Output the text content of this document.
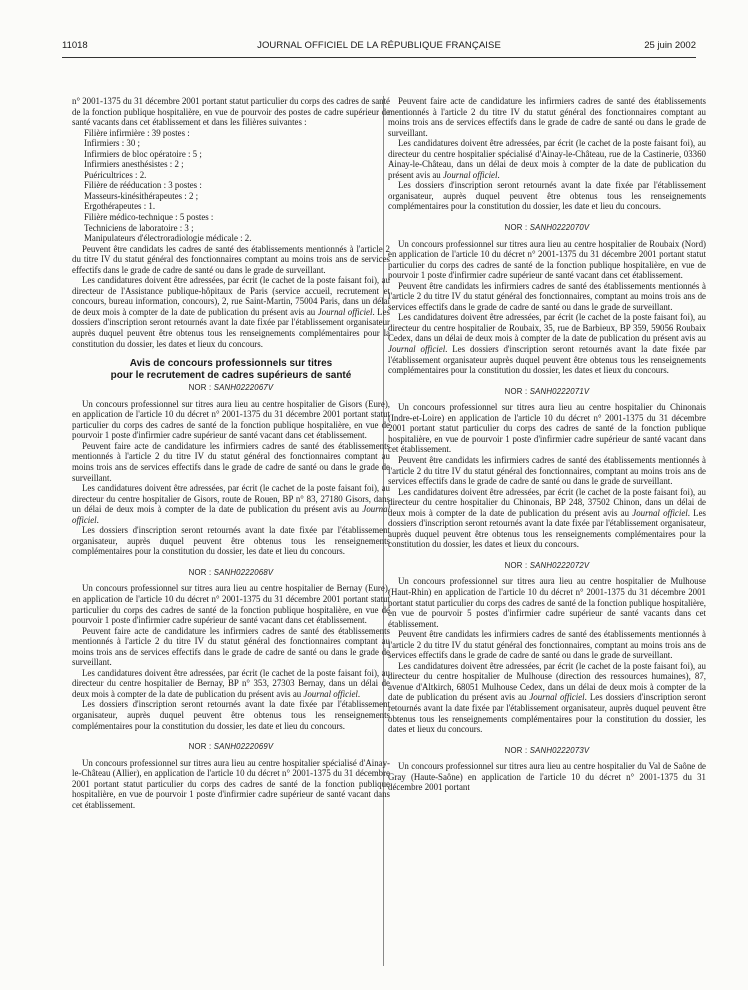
11018	JOURNAL OFFICIEL DE LA RÉPUBLIQUE FRANÇAISE	25 juin 2002

n° 2001-1375 du 31 décembre 2001 portant statut particulier du corps des cadres de santé de la fonction publique hospitalière, en vue de pourvoir des postes de cadre supérieur de santé vacants dans cet établissement et dans les filières suivantes :

Filière infirmière : 39 postes :

Infirmiers : 30 ;

Infirmiers de bloc opératoire : 5 ;

Infirmiers anesthésistes : 2 ;

Puéricultrices : 2.

Filière de rééducation : 3 postes :

Masseurs-kinésithérapeutes : 2 ;

Ergothérapeutes : 1.

Filière médico-technique : 5 postes :

Techniciens de laboratoire : 3 ;

Manipulateurs d'électroradiologie médicale : 2.

Peuvent être candidats les cadres de santé des établissements mentionnés à l'article 2 du titre IV du statut général des fonctionnaires comptant au moins trois ans de services effectifs dans le grade de cadre de santé ou dans le grade de surveillant.

Les candidatures doivent être adressées, par écrit (le cachet de la poste faisant foi), au directeur de l'Assistance publique-hôpitaux de Paris (service accueil, recrutement et concours, bureau information, concours), 2, rue Saint-Martin, 75004 Paris, dans un délai de deux mois à compter de la date de publication du présent avis au Journal officiel. Les dossiers d'inscription seront retournés avant la date fixée par l'établissement organisateur auprès duquel peuvent être obtenus tous les renseignements complémentaires pour la constitution du dossier, les dates et lieux du concours.

Avis de concours professionnels sur titres
pour le recrutement de cadres supérieurs de santé
NOR : SANH0222067V

Un concours professionnel sur titres aura lieu au centre hospitalier de Gisors (Eure), en application de l'article 10 du décret n° 2001-1375 du 31 décembre 2001 portant statut particulier du corps des cadres de santé de la fonction publique hospitalière, en vue de pourvoir 1 poste d'infirmier cadre supérieur de santé vacant dans cet établissement.

Peuvent faire acte de candidature les infirmiers cadres de santé des établissements mentionnés à l'article 2 du titre IV du statut général des fonctionnaires comptant au moins trois ans de services effectifs dans le grade de cadre de santé ou dans le grade de surveillant.

Les candidatures doivent être adressées, par écrit (le cachet de la poste faisant foi), au directeur du centre hospitalier de Gisors, route de Rouen, BP n° 83, 27180 Gisors, dans un délai de deux mois à compter de la date de publication du présent avis au Journal officiel.

Les dossiers d'inscription seront retournés avant la date fixée par l'établissement organisateur, auprès duquel peuvent être obtenus tous les renseignements complémentaires pour la constitution du dossier, les date et lieu du concours.

NOR : SANH0222068V

Un concours professionnel sur titres aura lieu au centre hospitalier de Bernay (Eure), en application de l'article 10 du décret n° 2001-1375 du 31 décembre 2001 portant statut particulier du corps des cadres de santé de la fonction publique hospitalière, en vue de pourvoir 1 poste d'infirmier cadre supérieur de santé vacant dans cet établissement.

Peuvent faire acte de candidature les infirmiers cadres de santé des établissements mentionnés à l'article 2 du titre IV du statut général des fonctionnaires comptant au moins trois ans de services effectifs dans le grade de cadre de santé ou dans le grade de surveillant.

Les candidatures doivent être adressées, par écrit (le cachet de la poste faisant foi), au directeur du centre hospitalier de Bernay, BP n° 353, 27303 Bernay, dans un délai de deux mois à compter de la date de publication du présent avis au Journal officiel.

Les dossiers d'inscription seront retournés avant la date fixée par l'établissement organisateur, auprès duquel peuvent être obtenus tous les renseignements complémentaires pour la constitution du dossier, les date et lieu du concours.

NOR : SANH0222069V

Un concours professionnel sur titres aura lieu au centre hospitalier spécialisé d'Ainay-le-Château (Allier), en application de l'article 10 du décret n° 2001-1375 du 31 décembre 2001 portant statut particulier du corps des cadres de santé de la fonction publique hospitalière, en vue de pourvoir 1 poste d'infirmier cadre supérieur de santé vacant dans cet établissement.

Peuvent faire acte de candidature les infirmiers cadres de santé des établissements mentionnés à l'article 2 du titre IV du statut général des fonctionnaires comptant au moins trois ans de services effectifs dans le grade de cadre de santé ou dans le grade de surveillant.

Les candidatures doivent être adressées, par écrit (le cachet de la poste faisant foi), au directeur du centre hospitalier spécialisé d'Ainay-le-Château, rue de la Castinerie, 03360 Ainay-le-Château, dans un délai de deux mois à compter de la date de publication du présent avis au Journal officiel.

Les dossiers d'inscription seront retournés avant la date fixée par l'établissement organisateur, auprès duquel peuvent être obtenus tous les renseignements complémentaires pour la constitution du dossier, les date et lieu du concours.

NOR : SANH0222070V

Un concours professionnel sur titres aura lieu au centre hospitalier de Roubaix (Nord) en application de l'article 10 du décret n° 2001-1375 du 31 décembre 2001 portant statut particulier du corps des cadres de santé de la fonction publique hospitalière, en vue de pourvoir 1 poste d'infirmier cadre supérieur de santé vacant dans cet établissement.

Peuvent être candidats les infirmiers cadres de santé des établissements mentionnés à l'article 2 du titre IV du statut général des fonctionnaires, comptant au moins trois ans de services effectifs dans le grade de cadre de santé ou dans le grade de surveillant.

Les candidatures doivent être adressées, par écrit (le cachet de la poste faisant foi), au directeur du centre hospitalier de Roubaix, 35, rue de Barbieux, BP 359, 59056 Roubaix Cedex, dans un délai de deux mois à compter de la date de publication du présent avis au Journal officiel. Les dossiers d'inscription seront retournés avant la date fixée par l'établissement organisateur auprès duquel peuvent être obtenus tous les renseignements complémentaires pour la constitution du dossier, les dates et lieux du concours.

NOR : SANH0222071V

Un concours professionnel sur titres aura lieu au centre hospitalier du Chinonais (Indre-et-Loire) en application de l'article 10 du décret n° 2001-1375 du 31 décembre 2001 portant statut particulier du corps des cadres de santé de la fonction publique hospitalière, en vue de pourvoir 1 poste d'infirmier cadre supérieur de santé vacant dans cet établissement.

Peuvent être candidats les infirmiers cadres de santé des établissements mentionnés à l'article 2 du titre IV du statut général des fonctionnaires, comptant au moins trois ans de services effectifs dans le grade de cadre de santé ou dans le grade de surveillant.

Les candidatures doivent être adressées, par écrit (le cachet de la poste faisant foi), au directeur du centre hospitalier du Chinonais, BP 248, 37502 Chinon, dans un délai de deux mois à compter de la date de publication du présent avis au Journal officiel. Les dossiers d'inscription seront retournés avant la date fixée par l'établissement organisateur, auprès duquel peuvent être obtenus tous les renseignements complémentaires pour la constitution du dossier, les dates et lieux du concours.

NOR : SANH0222072V

Un concours professionnel sur titres aura lieu au centre hospitalier de Mulhouse (Haut-Rhin) en application de l'article 10 du décret n° 2001-1375 du 31 décembre 2001 portant statut particulier du corps des cadres de santé de la fonction publique hospitalière, en vue de pourvoir 5 postes d'infirmier cadre supérieur de santé vacants dans cet établissement.

Peuvent être candidats les infirmiers cadres de santé des établissements mentionnés à l'article 2 du titre IV du statut général des fonctionnaires, comptant au moins trois ans de services effectifs dans le grade de cadre de santé ou dans le grade de surveillant.

Les candidatures doivent être adressées, par écrit (le cachet de la poste faisant foi), au directeur du centre hospitalier de Mulhouse (direction des ressources humaines), 87, avenue d'Altkirch, 68051 Mulhouse Cedex, dans un délai de deux mois à compter de la date de publication du présent avis au Journal officiel. Les dossiers d'inscription seront retournés avant la date fixée par l'établissement organisateur, auprès duquel peuvent être obtenus tous les renseignements complémentaires pour la constitution du dossier, les dates et lieux du concours.

NOR : SANH0222073V

Un concours professionnel sur titres aura lieu au centre hospitalier du Val de Saône de Gray (Haute-Saône) en application de l'article 10 du décret n° 2001-1375 du 31 décembre 2001 portant
